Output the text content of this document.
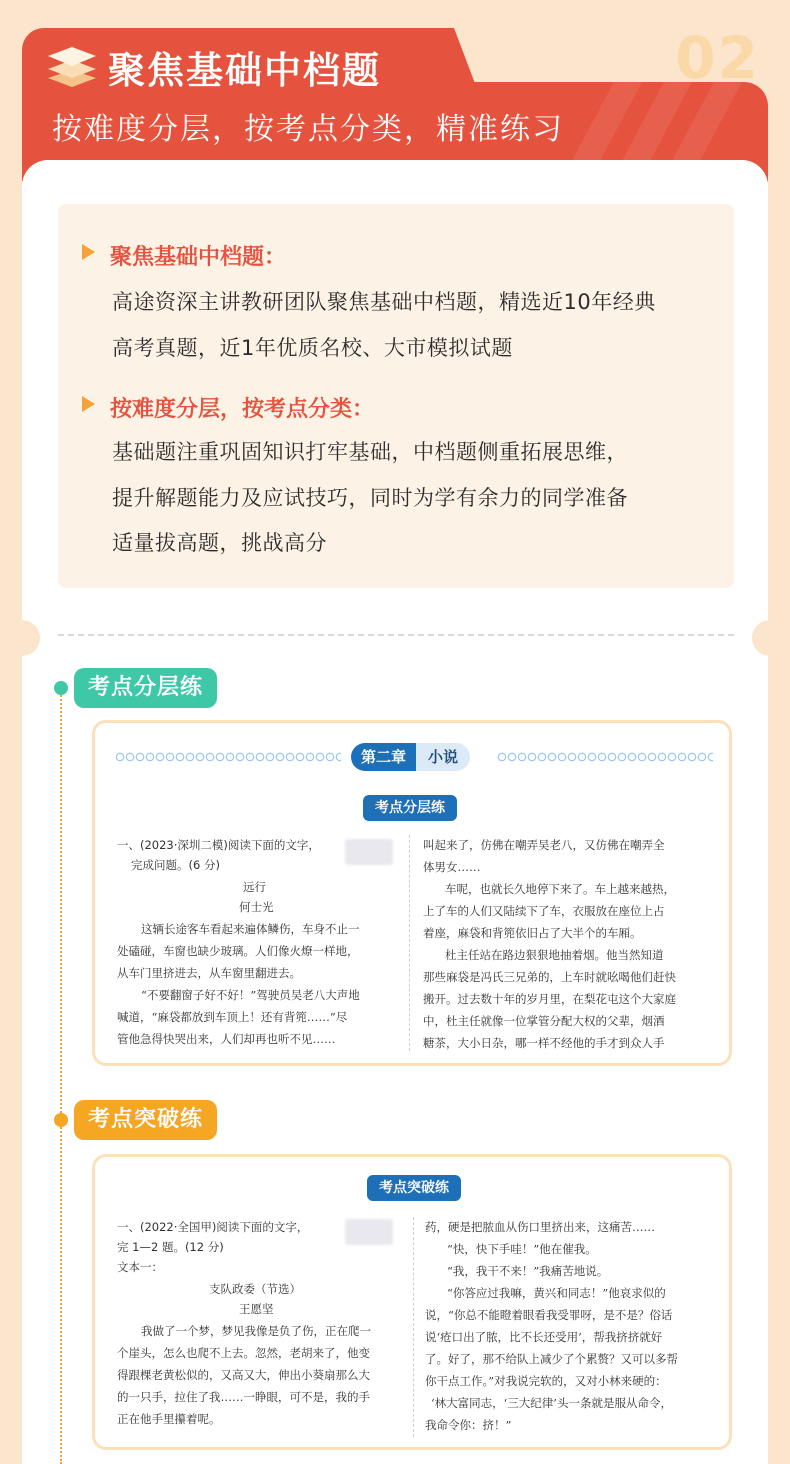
02
聚焦基础中档题
按难度分层，按考点分类，精准练习
聚焦基础中档题：
高途资深主讲教研团队聚焦基础中档题，精选近10年经典
高考真题，近1年优质名校、大市模拟试题
按难度分层，按考点分类：
基础题注重巩固知识打牢基础，中档题侧重拓展思维，
提升解题能力及应试技巧，同时为学有余力的同学准备
适量拔高题，挑战高分
考点分层练
考点突破练
第二章	小说
考点分层练
一、(2023·深圳二模)阅读下面的文字，
完成问题。(6 分)
远行
何士光
这辆长途客车看起来遍体鳞伤，车身不止一
处磕碰，车窗也缺少玻璃。人们像火燎一样地，
从车门里挤进去，从车窗里翻进去。
“不要翻窗子好不好！”驾驶员吴老八大声地
喊道，“麻袋都放到车顶上！还有背篼……”尽
管他急得快哭出来，人们却再也听不见……
叫起来了，仿佛在嘲弄吴老八，又仿佛在嘲弄全
体男女……
车呢，也就长久地停下来了。车上越来越热，
上了车的人们又陆续下了车，衣服放在座位上占
着座，麻袋和背篼依旧占了大半个的车厢。
杜主任站在路边狠狠地抽着烟。他当然知道
那些麻袋是冯氏三兄弟的，上车时就吆喝他们赶快
搬开。过去数十年的岁月里，在梨花屯这个大家庭
中，杜主任就像一位掌管分配大权的父辈，烟酒
糖茶，大小日杂，哪一样不经他的手才到众人手
考点突破练
一、(2022·全国甲)阅读下面的文字，
完 1—2 题。(12 分)
文本一：
支队政委（节选）
王愿坚
我做了一个梦，梦见我像是负了伤，正在爬一
个崖头，怎么也爬不上去。忽然，老胡来了，他变
得跟棵老黄松似的，又高又大，伸出小葵扇那么大
的一只手，拉住了我……一睁眼，可不是，我的手
正在他手里攥着呢。
药，硬是把脓血从伤口里挤出来，这痛苦……
“快，快下手哇！”他在催我。
“我，我干不来！”我痛苦地说。
“你答应过我嘛，黄兴和同志！”他哀求似的
说，“你总不能瞪着眼看我受罪呀，是不是？俗话
说‘疮口出了脓，比不长还受用’，帮我挤挤就好
了。好了，那不给队上减少了个累赘？又可以多帮
你干点工作。”对我说完软的，又对小林来硬的：
‘林大富同志，‘三大纪律’头一条就是服从命令，
我命令你：挤！”
